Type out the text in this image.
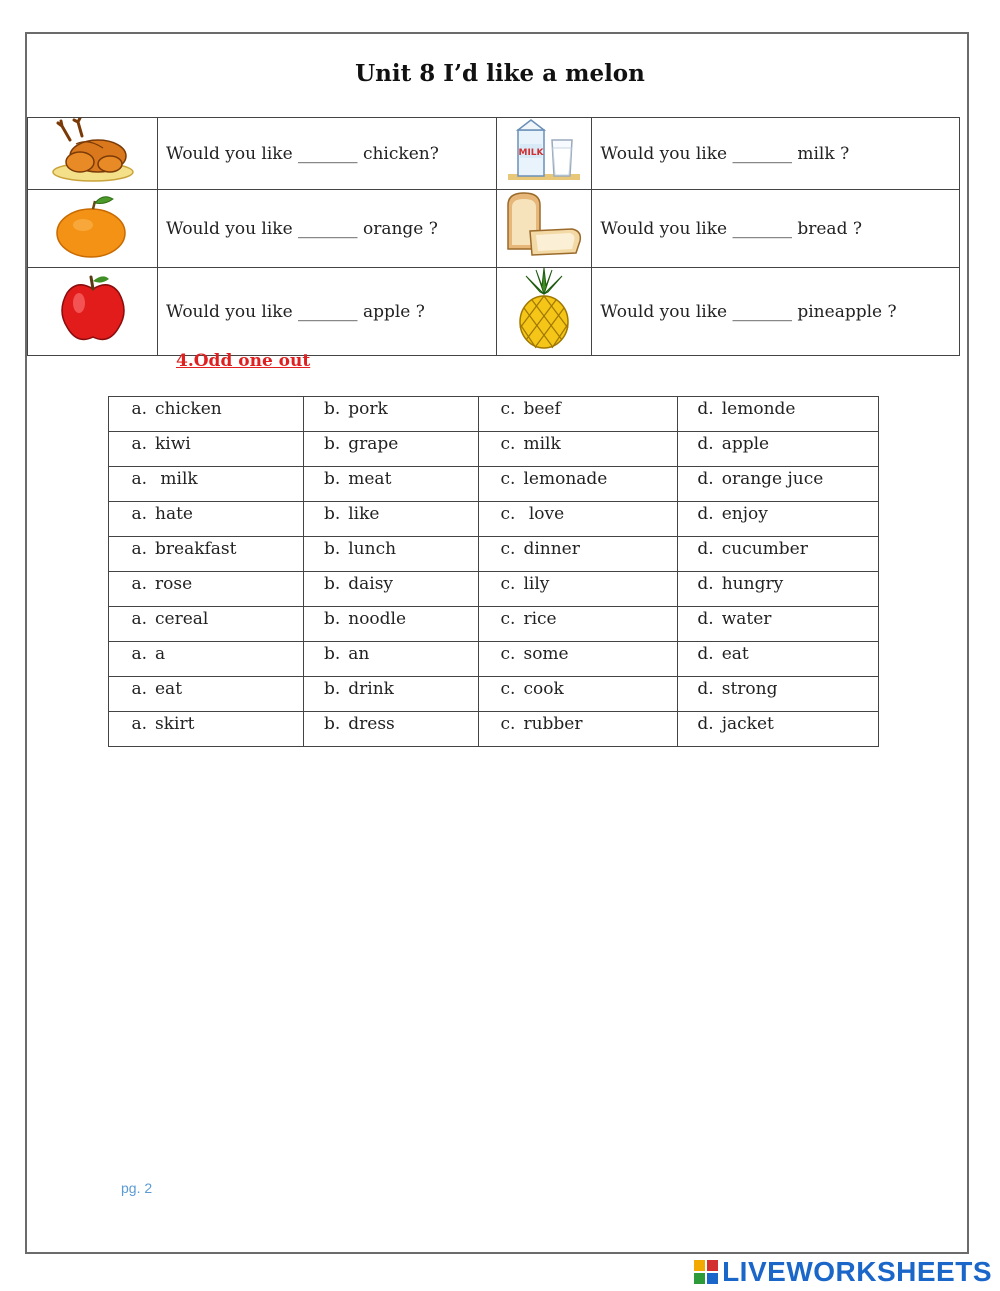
Unit 8 I’d like a melon
	Would you like _______ chicken?	MILK	Would you like _______ milk ?
	Would you like _______ orange ?		Would you like _______ bread ?
	Would you like _______ apple ?		Would you like _______ pineapple ?
4.Odd one out
a. chicken	b. pork	c. beef	d. lemonde

a. kiwi	b. grape	c. milk	d. apple

a. milk	b. meat	c. lemonade	d. orange juce

a. hate	b. like	c. love	d. enjoy

a. breakfast	b. lunch	c. dinner	d. cucumber

a. rose	b. daisy	c. lily	d. hungry

a. cereal	b. noodle	c. rice	d. water

a. a	b. an	c. some	d. eat

a. eat	b. drink	c. cook	d. strong

a. skirt	b. dress	c. rubber	d. jacket
pg. 2
LIVEWORKSHEETS
